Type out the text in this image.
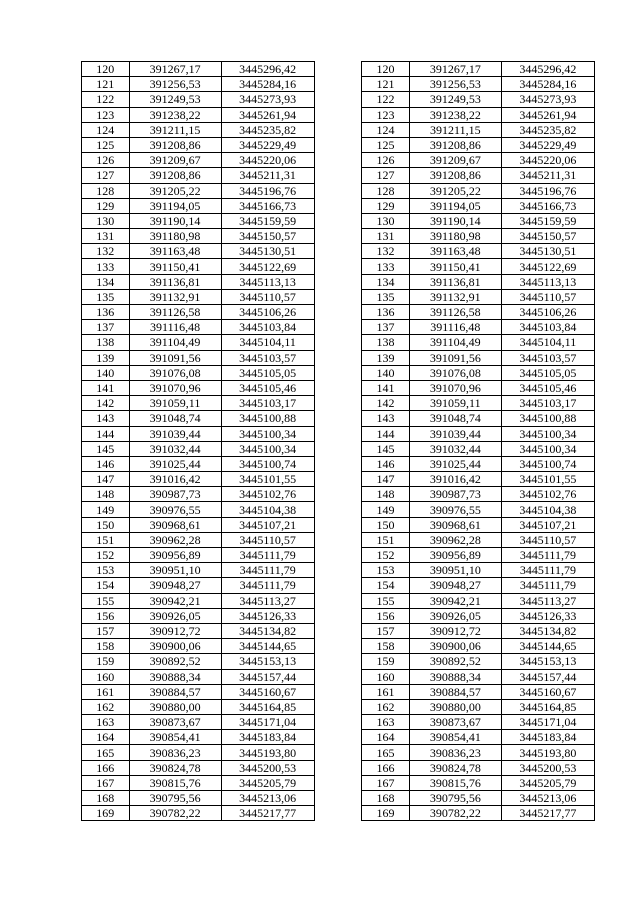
120	391267,17	3445296,42		120	391267,17	3445296,42
121	391256,53	3445284,16		121	391256,53	3445284,16
122	391249,53	3445273,93		122	391249,53	3445273,93
123	391238,22	3445261,94		123	391238,22	3445261,94
124	391211,15	3445235,82		124	391211,15	3445235,82
125	391208,86	3445229,49		125	391208,86	3445229,49
126	391209,67	3445220,06		126	391209,67	3445220,06
127	391208,86	3445211,31		127	391208,86	3445211,31
128	391205,22	3445196,76		128	391205,22	3445196,76
129	391194,05	3445166,73		129	391194,05	3445166,73
130	391190,14	3445159,59		130	391190,14	3445159,59
131	391180,98	3445150,57		131	391180,98	3445150,57
132	391163,48	3445130,51		132	391163,48	3445130,51
133	391150,41	3445122,69		133	391150,41	3445122,69
134	391136,81	3445113,13		134	391136,81	3445113,13
135	391132,91	3445110,57		135	391132,91	3445110,57
136	391126,58	3445106,26		136	391126,58	3445106,26
137	391116,48	3445103,84		137	391116,48	3445103,84
138	391104,49	3445104,11		138	391104,49	3445104,11
139	391091,56	3445103,57		139	391091,56	3445103,57
140	391076,08	3445105,05		140	391076,08	3445105,05
141	391070,96	3445105,46		141	391070,96	3445105,46
142	391059,11	3445103,17		142	391059,11	3445103,17
143	391048,74	3445100,88		143	391048,74	3445100,88
144	391039,44	3445100,34		144	391039,44	3445100,34
145	391032,44	3445100,34		145	391032,44	3445100,34
146	391025,44	3445100,74		146	391025,44	3445100,74
147	391016,42	3445101,55		147	391016,42	3445101,55
148	390987,73	3445102,76		148	390987,73	3445102,76
149	390976,55	3445104,38		149	390976,55	3445104,38
150	390968,61	3445107,21		150	390968,61	3445107,21
151	390962,28	3445110,57		151	390962,28	3445110,57
152	390956,89	3445111,79		152	390956,89	3445111,79
153	390951,10	3445111,79		153	390951,10	3445111,79
154	390948,27	3445111,79		154	390948,27	3445111,79
155	390942,21	3445113,27		155	390942,21	3445113,27
156	390926,05	3445126,33		156	390926,05	3445126,33
157	390912,72	3445134,82		157	390912,72	3445134,82
158	390900,06	3445144,65		158	390900,06	3445144,65
159	390892,52	3445153,13		159	390892,52	3445153,13
160	390888,34	3445157,44		160	390888,34	3445157,44
161	390884,57	3445160,67		161	390884,57	3445160,67
162	390880,00	3445164,85		162	390880,00	3445164,85
163	390873,67	3445171,04		163	390873,67	3445171,04
164	390854,41	3445183,84		164	390854,41	3445183,84
165	390836,23	3445193,80		165	390836,23	3445193,80
166	390824,78	3445200,53		166	390824,78	3445200,53
167	390815,76	3445205,79		167	390815,76	3445205,79
168	390795,56	3445213,06		168	390795,56	3445213,06
169	390782,22	3445217,77		169	390782,22	3445217,77
